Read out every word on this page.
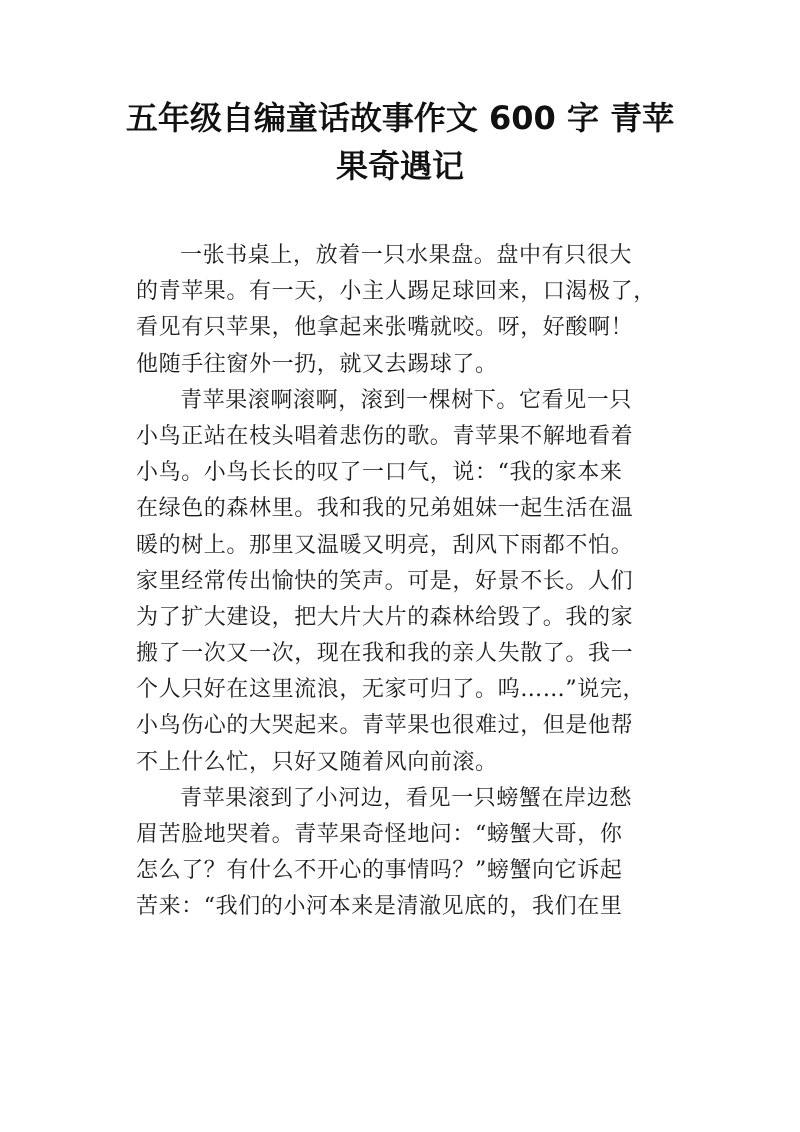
五年级自编童话故事作文 600 字 青苹
果奇遇记
一张书桌上，放着一只水果盘。盘中有只很大
的青苹果。有一天，小主人踢足球回来，口渴极了，
看见有只苹果，他拿起来张嘴就咬。呀，好酸啊！
他随手往窗外一扔，就又去踢球了。
青苹果滚啊滚啊，滚到一棵树下。它看见一只
小鸟正站在枝头唱着悲伤的歌。青苹果不解地看着
小鸟。小鸟长长的叹了一口气，说：“我的家本来
在绿色的森林里。我和我的兄弟姐妹一起生活在温
暖的树上。那里又温暖又明亮，刮风下雨都不怕。
家里经常传出愉快的笑声。可是，好景不长。人们
为了扩大建设，把大片大片的森林给毁了。我的家
搬了一次又一次，现在我和我的亲人失散了。我一
个人只好在这里流浪，无家可归了。呜……”说完，
小鸟伤心的大哭起来。青苹果也很难过，但是他帮
不上什么忙，只好又随着风向前滚。
青苹果滚到了小河边，看见一只螃蟹在岸边愁
眉苦脸地哭着。青苹果奇怪地问：“螃蟹大哥，你
怎么了？有什么不开心的事情吗？”螃蟹向它诉起
苦来：“我们的小河本来是清澈见底的，我们在里
